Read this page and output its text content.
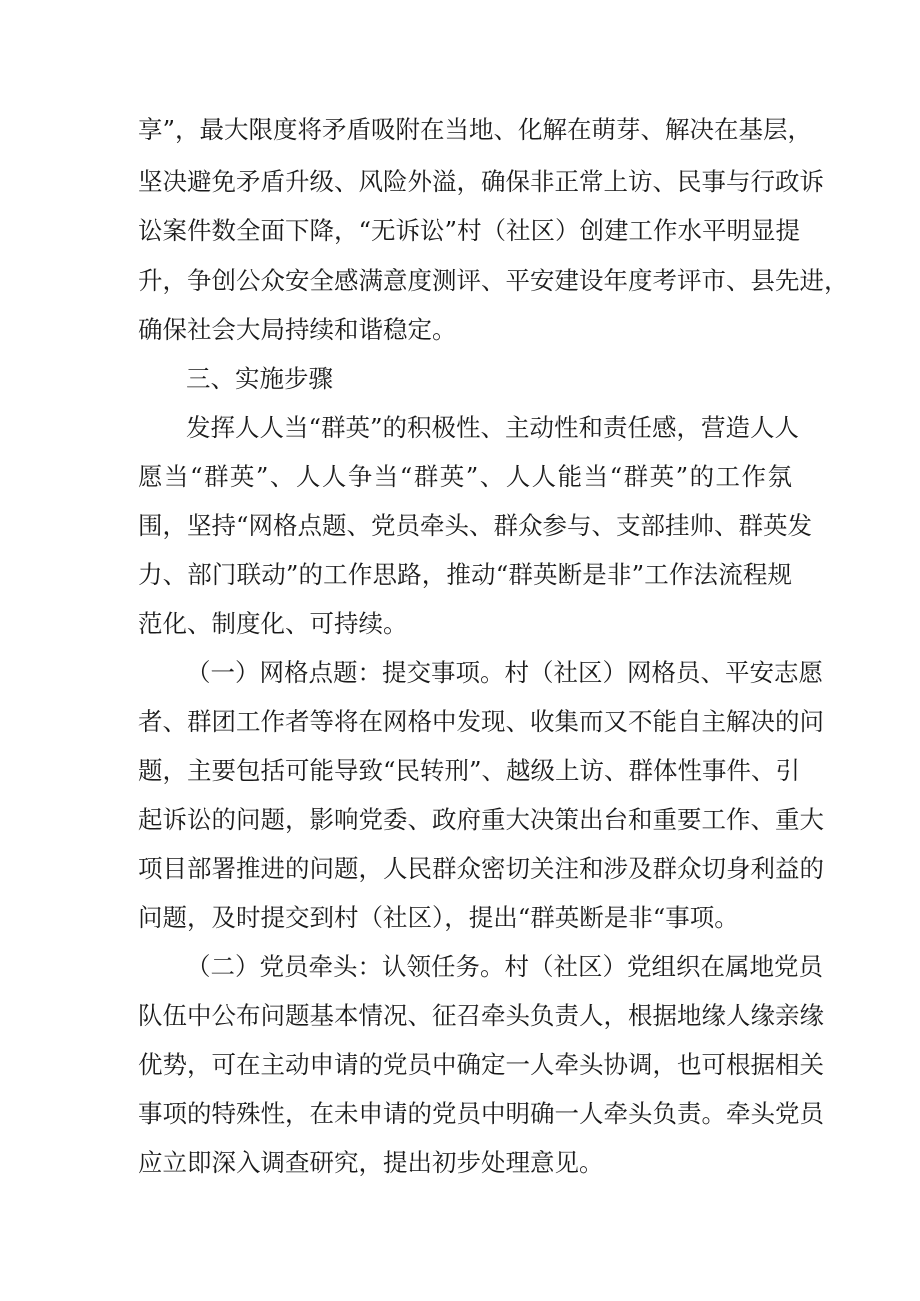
享”，最大限度将矛盾吸附在当地、化解在萌芽、解决在基层，
坚决避免矛盾升级、风险外溢，确保非正常上访、民事与行政诉
讼案件数全面下降，“无诉讼”村（社区）创建工作水平明显提
升，争创公众安全感满意度测评、平安建设年度考评市、县先进，
确保社会大局持续和谐稳定。
三、实施步骤
发挥人人当“群英”的积极性、主动性和责任感，营造人人
愿当“群英”、人人争当“群英”、人人能当“群英”的工作氛
围，坚持“网格点题、党员牵头、群众参与、支部挂帅、群英发
力、部门联动”的工作思路，推动“群英断是非”工作法流程规
范化、制度化、可持续。
（一）网格点题：提交事项。村（社区）网格员、平安志愿
者、群团工作者等将在网格中发现、收集而又不能自主解决的问
题，主要包括可能导致“民转刑”、越级上访、群体性事件、引
起诉讼的问题，影响党委、政府重大决策出台和重要工作、重大
项目部署推进的问题，人民群众密切关注和涉及群众切身利益的
问题，及时提交到村（社区），提出“群英断是非“事项。
（二）党员牵头：认领任务。村（社区）党组织在属地党员
队伍中公布问题基本情况、征召牵头负责人，根据地缘人缘亲缘
优势，可在主动申请的党员中确定一人牵头协调，也可根据相关
事项的特殊性，在未申请的党员中明确一人牵头负责。牵头党员
应立即深入调查研究，提出初步处理意见。
